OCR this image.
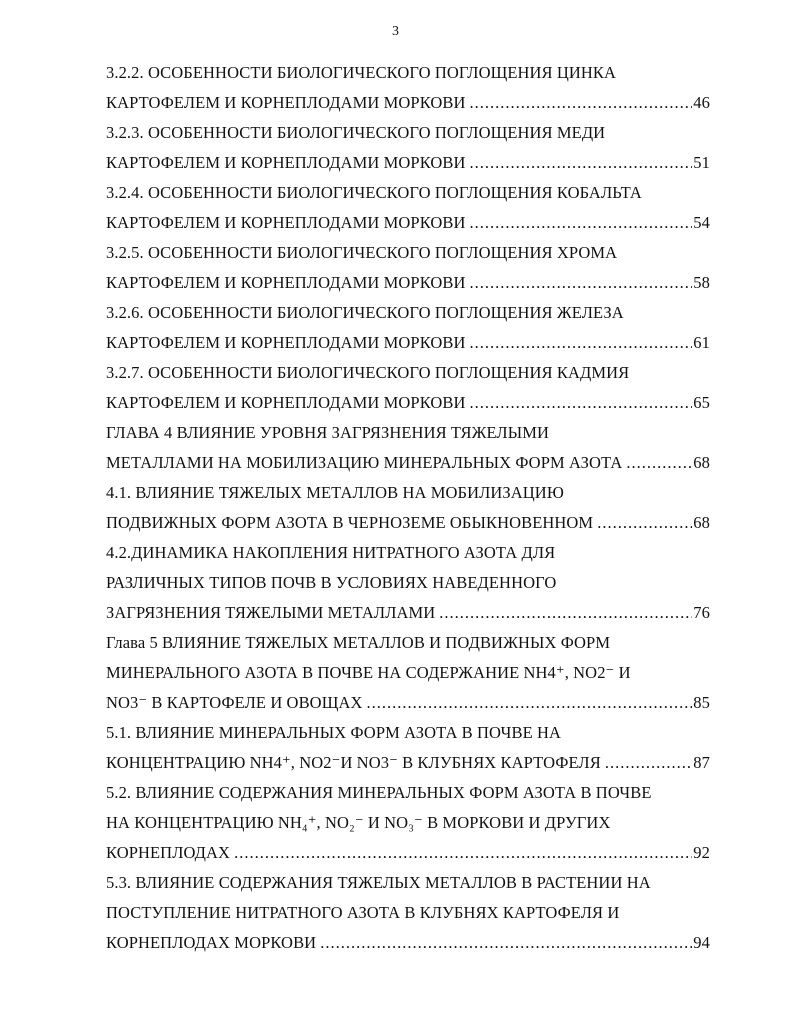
3
3.2.2. ОСОБЕННОСТИ БИОЛОГИЧЕСКОГО ПОГЛОЩЕНИЯ ЦИНКА
КАРТОФЕЛЕМ И КОРНЕПЛОДАМИ МОРКОВИ .....	46
3.2.3. ОСОБЕННОСТИ БИОЛОГИЧЕСКОГО ПОГЛОЩЕНИЯ МЕДИ
КАРТОФЕЛЕМ И КОРНЕПЛОДАМИ МОРКОВИ .....	51
3.2.4. ОСОБЕННОСТИ БИОЛОГИЧЕСКОГО ПОГЛОЩЕНИЯ КОБАЛЬТА
КАРТОФЕЛЕМ И КОРНЕПЛОДАМИ МОРКОВИ .....	54
3.2.5. ОСОБЕННОСТИ БИОЛОГИЧЕСКОГО ПОГЛОЩЕНИЯ ХРОМА
КАРТОФЕЛЕМ И КОРНЕПЛОДАМИ МОРКОВИ .....	58
3.2.6. ОСОБЕННОСТИ БИОЛОГИЧЕСКОГО ПОГЛОЩЕНИЯ ЖЕЛЕЗА
КАРТОФЕЛЕМ И КОРНЕПЛОДАМИ МОРКОВИ .....	61
3.2.7. ОСОБЕННОСТИ БИОЛОГИЧЕСКОГО ПОГЛОЩЕНИЯ КАДМИЯ
КАРТОФЕЛЕМ И КОРНЕПЛОДАМИ МОРКОВИ .....	65
ГЛАВА 4 ВЛИЯНИЕ УРОВНЯ ЗАГРЯЗНЕНИЯ ТЯЖЕЛЫМИ
МЕТАЛЛАМИ НА МОБИЛИЗАЦИЮ МИНЕРАЛЬНЫХ ФОРМ АЗОТА .....	68
4.1. ВЛИЯНИЕ ТЯЖЕЛЫХ МЕТАЛЛОВ НА МОБИЛИЗАЦИЮ
ПОДВИЖНЫХ ФОРМ АЗОТА В ЧЕРНОЗЕМЕ ОБЫКНОВЕННОМ .....	68
4.2.ДИНАМИКА НАКОПЛЕНИЯ НИТРАТНОГО АЗОТА ДЛЯ
РАЗЛИЧНЫХ ТИПОВ ПОЧВ В УСЛОВИЯХ НАВЕДЕННОГО
ЗАГРЯЗНЕНИЯ ТЯЖЕЛЫМИ МЕТАЛЛАМИ .....	76
Глава 5 ВЛИЯНИЕ ТЯЖЕЛЫХ МЕТАЛЛОВ И ПОДВИЖНЫХ ФОРМ
МИНЕРАЛЬНОГО АЗОТА В ПОЧВЕ НА СОДЕРЖАНИЕ NH4⁺, NO2⁻ И
NO3⁻ В КАРТОФЕЛЕ И ОВОЩАХ .....	85
5.1. ВЛИЯНИЕ МИНЕРАЛЬНЫХ ФОРМ АЗОТА В ПОЧВЕ НА
КОНЦЕНТРАЦИЮ NH4⁺, NO2⁻И NO3⁻ В КЛУБНЯХ КАРТОФЕЛЯ .....	87
5.2. ВЛИЯНИЕ СОДЕРЖАНИЯ МИНЕРАЛЬНЫХ ФОРМ АЗОТА В ПОЧВЕ
НА КОНЦЕНТРАЦИЮ NH₄⁺, NO₂⁻ И NO₃⁻ В МОРКОВИ И ДРУГИХ
КОРНЕПЛОДАХ .....	92
5.3. ВЛИЯНИЕ СОДЕРЖАНИЯ ТЯЖЕЛЫХ МЕТАЛЛОВ В РАСТЕНИИ НА
ПОСТУПЛЕНИЕ НИТРАТНОГО АЗОТА В КЛУБНЯХ КАРТОФЕЛЯ И
КОРНЕПЛОДАХ МОРКОВИ .....	94
